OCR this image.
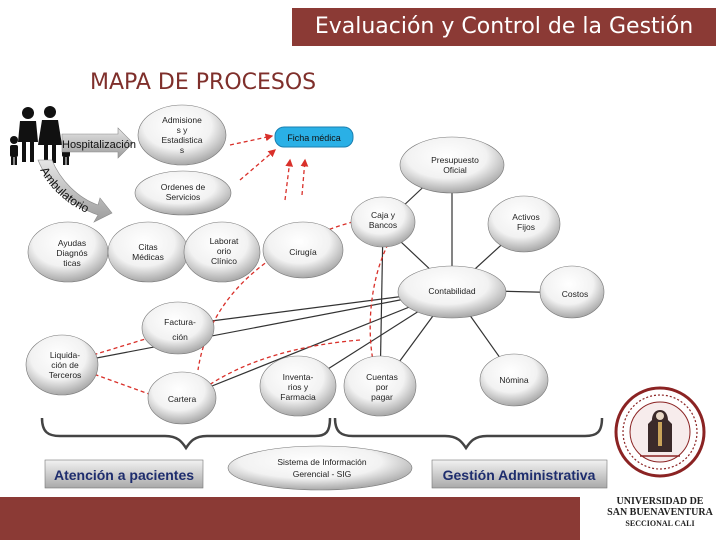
Evaluación y Control de la Gestión
MAPA DE PROCESOS
Hospitalización
Ambulatorio
Ficha médica
Admisione
s y
Estadistica
s
Ordenes de
Servicios
Ayudas
Diagnós
ticas
Citas
Médicas
Laborat
orio
Clínico
Cirugía
Caja y
Bancos
Presupuesto
Oficial
Activos
Fijos
Contabilidad	Costos
Factura-
ción
Liquida-
ción de
Terceros
Cartera
Inventa-
rios y
Farmacia
Cuentas
por
pagar
Nómina
Atención a pacientes	Gestión Administrativa
Sistema de Información
Gerencial - SIG
UNIVERSIDAD DE
SAN BUENAVENTURA
SECCIONAL CALI
